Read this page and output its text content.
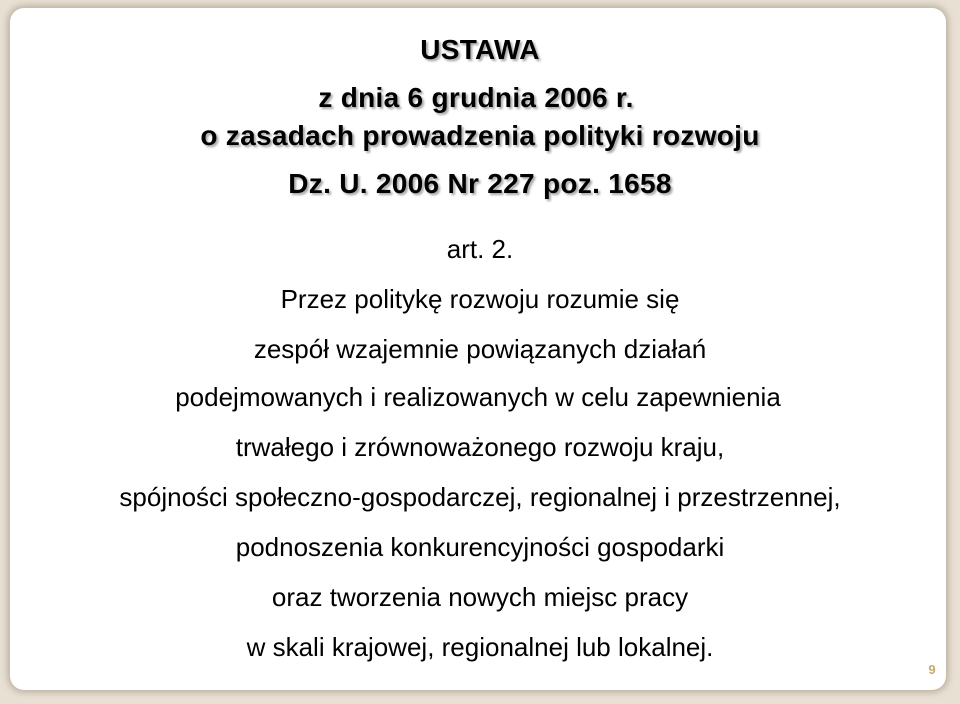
USTAWA
z dnia 6 grudnia 2006 r.
o zasadach prowadzenia polityki rozwoju
Dz. U. 2006 Nr 227 poz. 1658
art. 2.
Przez politykę rozwoju rozumie się
zespół wzajemnie powiązanych działań
podejmowanych i realizowanych w celu zapewnienia
trwałego i zrównoważonego rozwoju kraju,
spójności społeczno-gospodarczej, regionalnej i przestrzennej,
podnoszenia konkurencyjności gospodarki
oraz tworzenia nowych miejsc pracy
w skali krajowej, regionalnej lub lokalnej.
9
